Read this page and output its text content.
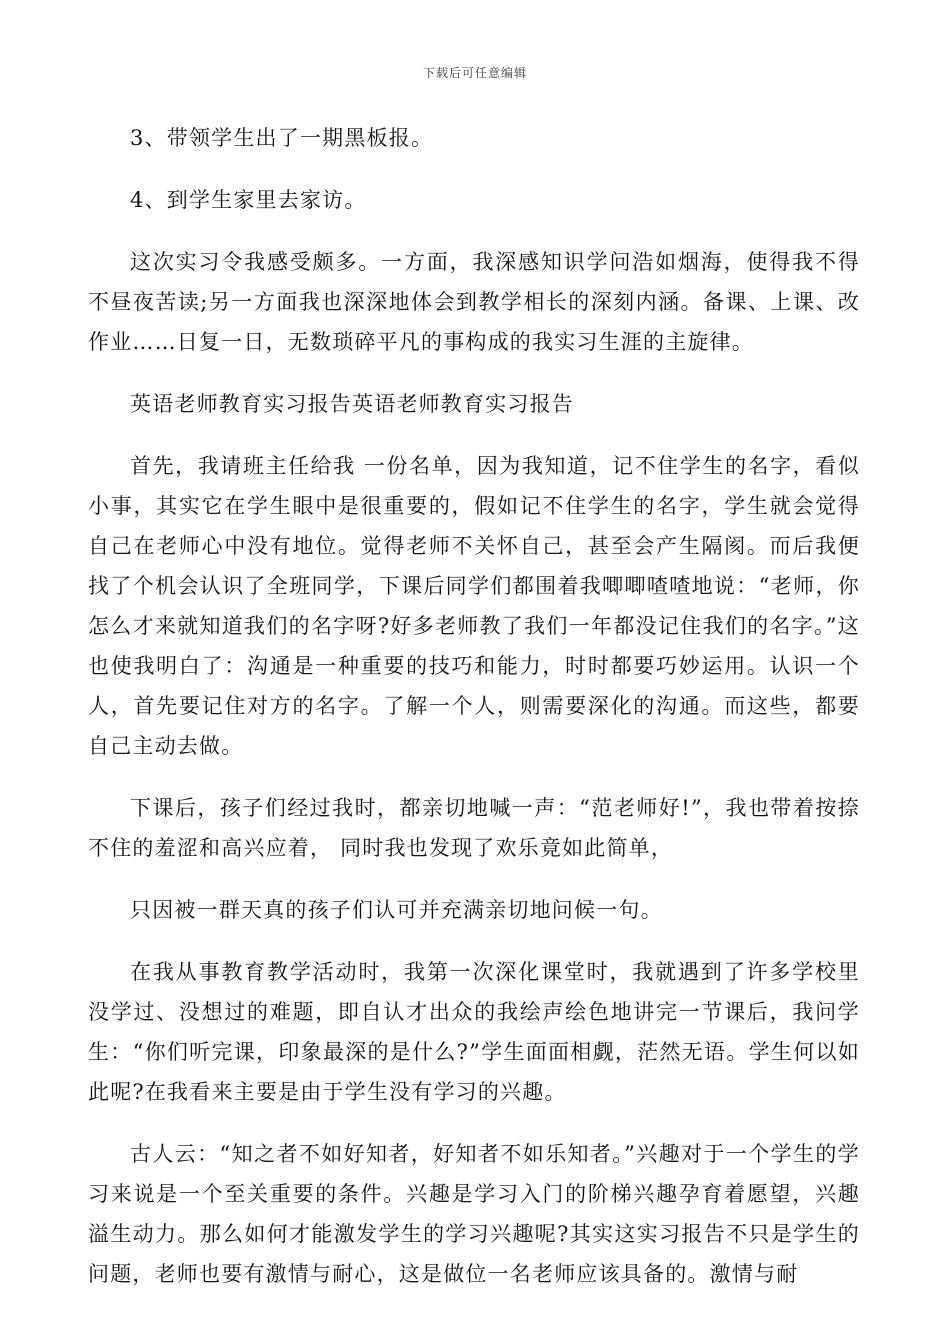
下载后可任意编辑

3、带领学生出了一期黑板报。

4、到学生家里去家访。

这次实习令我感受颇多。一方面，我深感知识学问浩如烟海，使得我不得不昼夜苦读;另一方面我也深深地体会到教学相长的深刻内涵。备课、上课、改作业……日复一日，无数琐碎平凡的事构成的我实习生涯的主旋律。

英语老师教育实习报告英语老师教育实习报告

首先，我请班主任给我 一份名单，因为我知道，记不住学生的名字，看似小事，其实它在学生眼中是很重要的，假如记不住学生的名字，学生就会觉得自己在老师心中没有地位。觉得老师不关怀自己，甚至会产生隔阂。而后我便找了个机会认识了全班同学，下课后同学们都围着我唧唧喳喳地说：“老师，你怎么才来就知道我们的名字呀?好多老师教了我们一年都没记住我们的名字。”这也使我明白了：沟通是一种重要的技巧和能力，时时都要巧妙运用。认识一个人，首先要记住对方的名字。了解一个人，则需要深化的沟通。而这些，都要自己主动去做。

下课后，孩子们经过我时，都亲切地喊一声：“范老师好!”，我也带着按捺不住的羞涩和高兴应着， 同时我也发现了欢乐竟如此简单，

只因被一群天真的孩子们认可并充满亲切地问候一句。

在我从事教育教学活动时，我第一次深化课堂时，我就遇到了许多学校里没学过、没想过的难题，即自认才出众的我绘声绘色地讲完一节课后，我问学生：“你们听完课，印象最深的是什么?”学生面面相觑，茫然无语。学生何以如此呢?在我看来主要是由于学生没有学习的兴趣。

古人云：“知之者不如好知者，好知者不如乐知者。”兴趣对于一个学生的学习来说是一个至关重要的条件。兴趣是学习入门的阶梯兴趣孕育着愿望，兴趣溢生动力。那么如何才能激发学生的学习兴趣呢?其实这实习报告不只是学生的问题，老师也要有激情与耐心，这是做位一名老师应该具备的。激情与耐
